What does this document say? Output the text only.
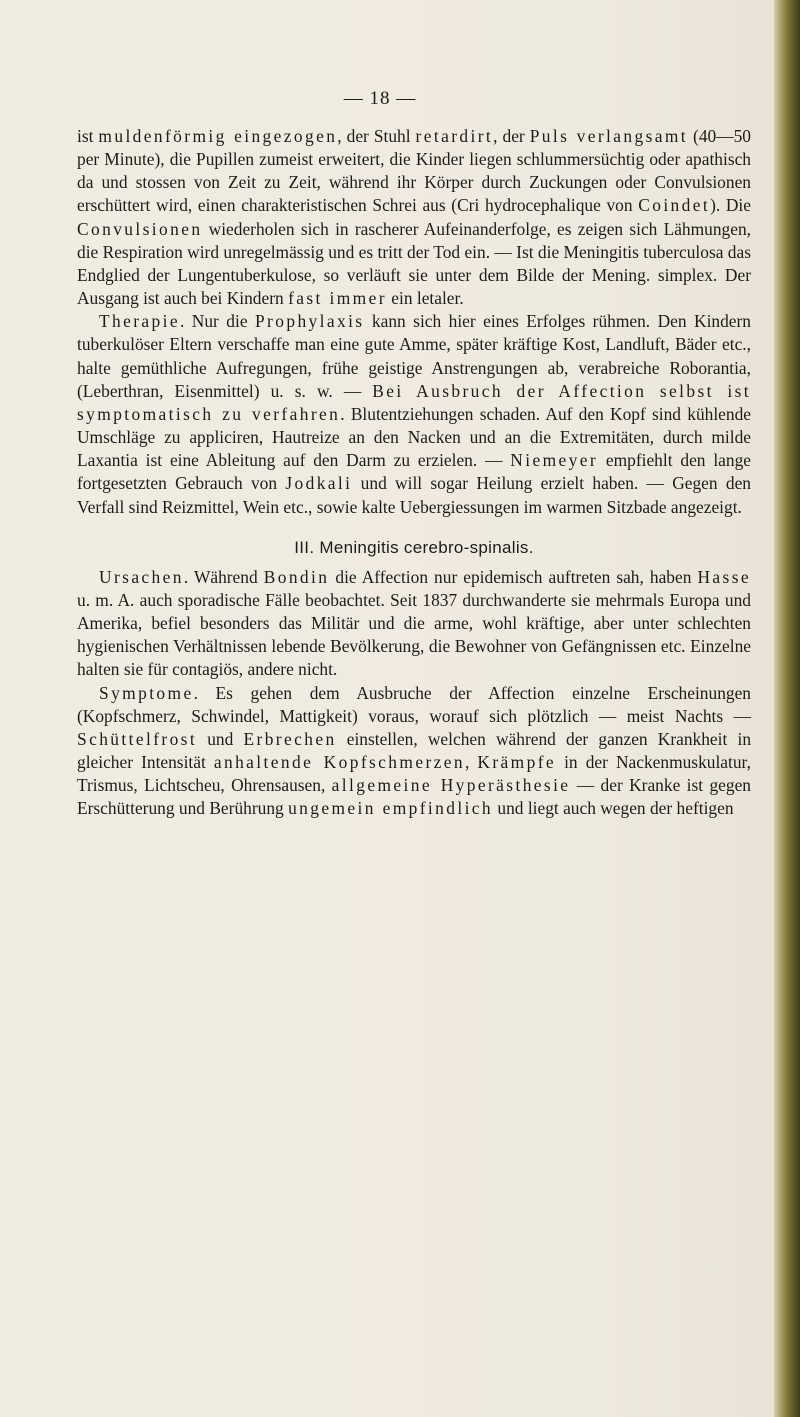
— 18 —

ist muldenförmig eingezogen, der Stuhl retardirt, der Puls verlangsamt (40—50 per Minute), die Pupillen zumeist erweitert, die Kinder liegen schlummersüchtig oder apathisch da und stossen von Zeit zu Zeit, während ihr Körper durch Zuckungen oder Convulsionen erschüttert wird, einen charakteristischen Schrei aus (Cri hydrocephalique von Coindet). Die Convulsionen wiederholen sich in rascherer Aufeinanderfolge, es zeigen sich Lähmungen, die Respiration wird unregelmässig und es tritt der Tod ein. — Ist die Meningitis tuberculosa das Endglied der Lungentuberkulose, so verläuft sie unter dem Bilde der Mening. simplex. Der Ausgang ist auch bei Kindern fast immer ein letaler.

Therapie. Nur die Prophylaxis kann sich hier eines Erfolges rühmen. Den Kindern tuberkulöser Eltern verschaffe man eine gute Amme, später kräftige Kost, Landluft, Bäder etc., halte gemüthliche Aufregungen, frühe geistige Anstrengungen ab, verabreiche Roborantia, (Leberthran, Eisenmittel) u. s. w. — Bei Ausbruch der Affection selbst ist symptomatisch zu verfahren. Blutentziehungen schaden. Auf den Kopf sind kühlende Umschläge zu appliciren, Hautreize an den Nacken und an die Extremitäten, durch milde Laxantia ist eine Ableitung auf den Darm zu erzielen. — Niemeyer empfiehlt den lange fortgesetzten Gebrauch von Jodkali und will sogar Heilung erzielt haben. — Gegen den Verfall sind Reizmittel, Wein etc., sowie kalte Uebergiessungen im warmen Sitzbade angezeigt.

III. Meningitis cerebro-spinalis.

Ursachen. Während Bondin die Affection nur epidemisch auftreten sah, haben Hasse u. m. A. auch sporadische Fälle beobachtet. Seit 1837 durchwanderte sie mehrmals Europa und Amerika, befiel besonders das Militär und die arme, wohl kräftige, aber unter schlechten hygienischen Verhältnissen lebende Bevölkerung, die Bewohner von Gefängnissen etc. Einzelne halten sie für contagiös, andere nicht.

Symptome. Es gehen dem Ausbruche der Affection einzelne Erscheinungen (Kopfschmerz, Schwindel, Mattigkeit) voraus, worauf sich plötzlich — meist Nachts — Schüttelfrost und Erbrechen einstellen, welchen während der ganzen Krankheit in gleicher Intensität anhaltende Kopfschmerzen, Krämpfe in der Nackenmuskulatur, Trismus, Lichtscheu, Ohrensausen, allgemeine Hyperästhesie — der Kranke ist gegen Erschütterung und Berührung ungemein empfindlich und liegt auch wegen der heftigen
